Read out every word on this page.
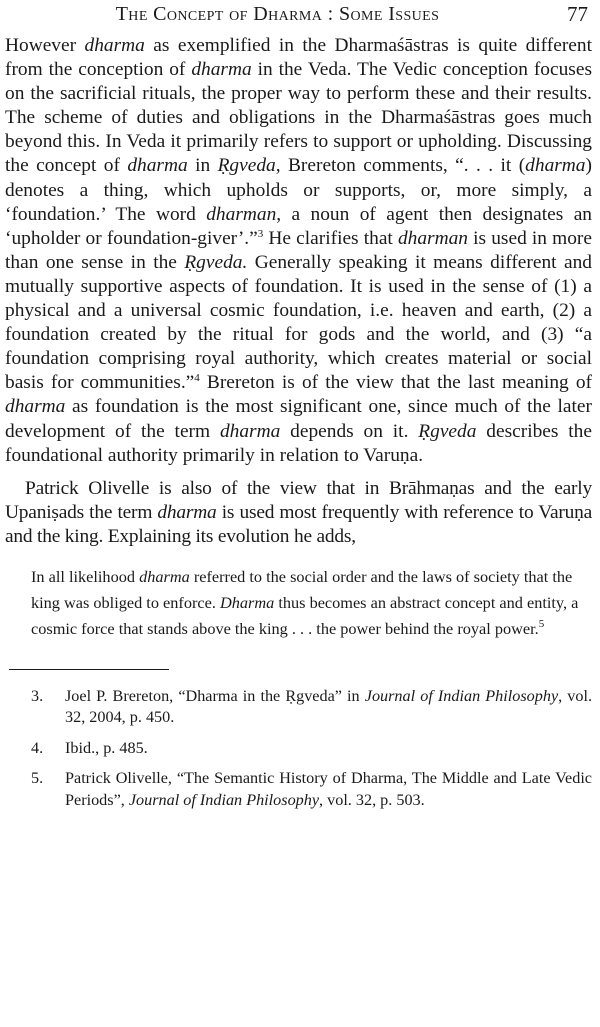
The Concept of Dharma : Some Issues	77

However dharma as exemplified in the Dharmaśāstras is quite different from the conception of dharma in the Veda. The Vedic conception focuses on the sacrificial rituals, the proper way to perform these and their results. The scheme of duties and obligations in the Dharmaśāstras goes much beyond this. In Veda it primarily refers to support or upholding. Discussing the concept of dharma in Ṛgveda, Brereton comments, “. . . it (dharma) denotes a thing, which upholds or supports, or, more simply, a ‘foundation.’ The word dharman, a noun of agent then designates an ‘upholder or foundation-giver’.”$^3$ He clarifies that dharman is used in more than one sense in the Ṛgveda. Generally speaking it means different and mutually supportive aspects of foundation. It is used in the sense of (1) a physical and a universal cosmic foundation, i.e. heaven and earth, (2) a foundation created by the ritual for gods and the world, and (3) “a foundation comprising royal authority, which creates material or social basis for communities.”$^4$ Brereton is of the view that the last meaning of dharma as foundation is the most significant one, since much of the later development of the term dharma depends on it. Ṛgveda describes the foundational authority primarily in relation to Varuṇa.

Patrick Olivelle is also of the view that in Brāhmaṇas and the early Upaniṣads the term dharma is used most frequently with reference to Varuṇa and the king. Explaining its evolution he adds,

In all likelihood dharma referred to the social order and the laws of society that the king was obliged to enforce. Dharma thus becomes an abstract concept and entity, a cosmic force that stands above the king . . . the power behind the royal power.$^5$

3.	Joel P. Brereton, “Dharma in the Ṛgveda” in Journal of Indian Philosophy, vol. 32, 2004, p. 450.
4.	Ibid., p. 485.
5.	Patrick Olivelle, “The Semantic History of Dharma, The Middle and Late Vedic Periods”, Journal of Indian Philosophy, vol. 32, p. 503.
